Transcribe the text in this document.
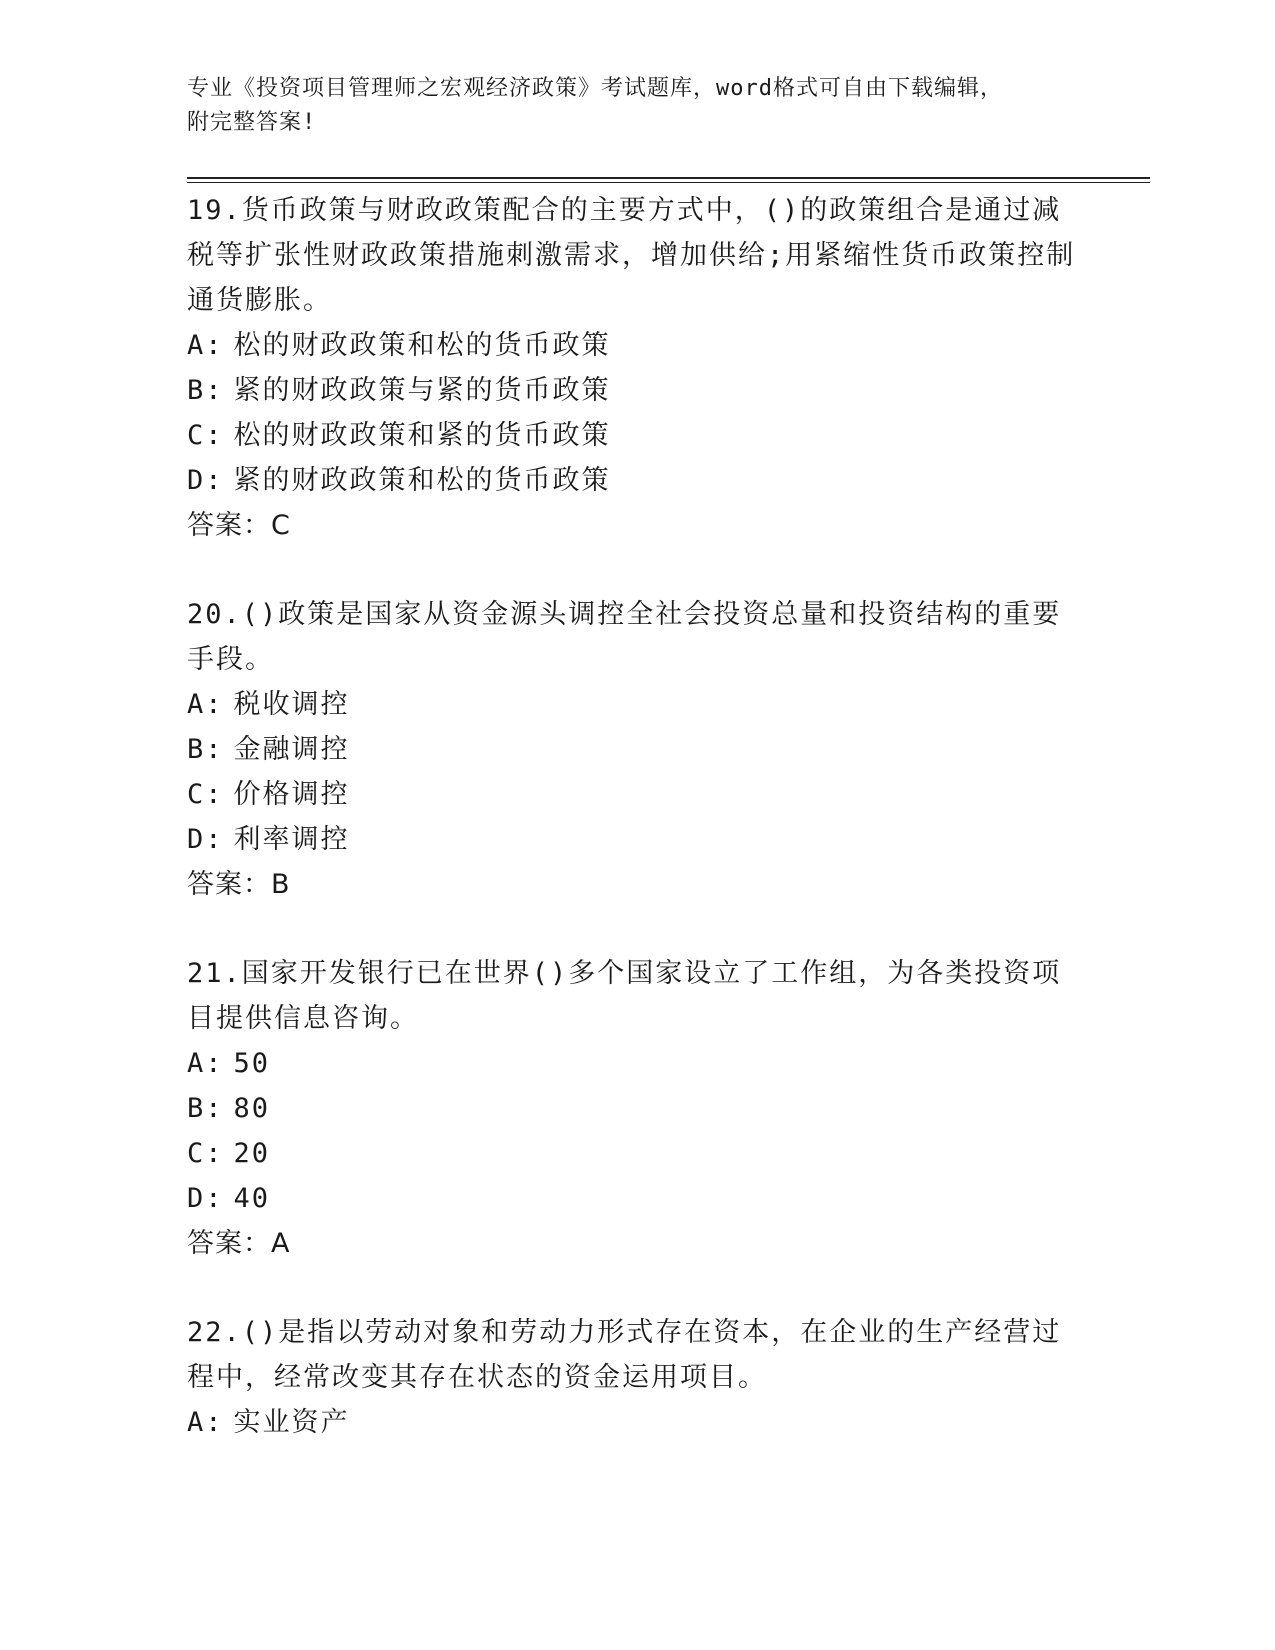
专业《投资项目管理师之宏观经济政策》考试题库，word格式可自由下载编辑，
附完整答案!
19.货币政策与财政政策配合的主要方式中，()的政策组合是通过减税等扩张性财政政策措施刺激需求，增加供给;用紧缩性货币政策控制通货膨胀。
A: 松的财政政策和松的货币政策
B: 紧的财政政策与紧的货币政策
C: 松的财政政策和紧的货币政策
D: 紧的财政政策和松的货币政策
答案：C
20.()政策是国家从资金源头调控全社会投资总量和投资结构的重要手段。
A: 税收调控
B: 金融调控
C: 价格调控
D: 利率调控
答案：B
21.国家开发银行已在世界()多个国家设立了工作组，为各类投资项目提供信息咨询。
A: 50
B: 80
C: 20
D: 40
答案：A
22.()是指以劳动对象和劳动力形式存在资本，在企业的生产经营过程中，经常改变其存在状态的资金运用项目。
A: 实业资产
